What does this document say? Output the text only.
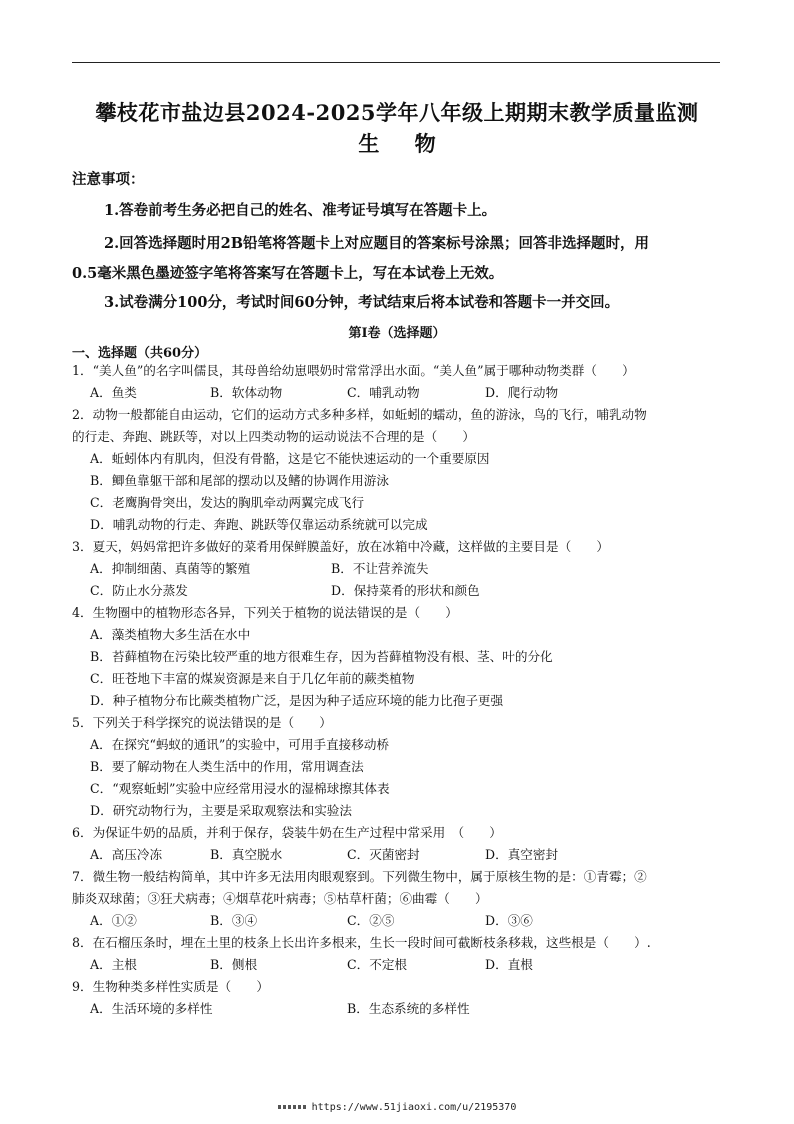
攀枝花市盐边县2024-2025学年八年级上期期末教学质量监测
生 物
注意事项：
1.答卷前考生务必把自己的姓名、准考证号填写在答题卡上。
2.回答选择题时用2B铅笔将答题卡上对应题目的答案标号涂黑；回答非选择题时，用
0.5毫米黑色墨迹签字笔将答案写在答题卡上，写在本试卷上无效。
3.试卷满分100分，考试时间60分钟，考试结束后将本试卷和答题卡一并交回。
第Ⅰ卷（选择题）
一、选择题（共60分）
1．“美人鱼”的名字叫儒艮，其母兽给幼崽喂奶时常常浮出水面。“美人鱼”属于哪种动物类群（　　）
A．鱼类	B．软体动物	C．哺乳动物	D．爬行动物
2．动物一般都能自由运动，它们的运动方式多种多样，如蚯蚓的蠕动，鱼的游泳，鸟的飞行，哺乳动物
的行走、奔跑、跳跃等，对以上四类动物的运动说法不合理的是（　　）
A．蚯蚓体内有肌肉，但没有骨骼，这是它不能快速运动的一个重要原因
B．鲫鱼靠躯干部和尾部的摆动以及鳍的协调作用游泳
C．老鹰胸骨突出，发达的胸肌牵动两翼完成飞行
D．哺乳动物的行走、奔跑、跳跃等仅靠运动系统就可以完成
3．夏天，妈妈常把许多做好的菜肴用保鲜膜盖好，放在冰箱中冷藏，这样做的主要目是（　　）
A．抑制细菌、真菌等的繁殖	B．不让营养流失
C．防止水分蒸发	D．保持菜肴的形状和颜色
4．生物圈中的植物形态各异，下列关于植物的说法错误的是（　　）
A．藻类植物大多生活在水中
B．苔藓植物在污染比较严重的地方很难生存，因为苔藓植物没有根、茎、叶的分化
C．旺苍地下丰富的煤炭资源是来自于几亿年前的蕨类植物
D．种子植物分布比蕨类植物广泛，是因为种子适应环境的能力比孢子更强
5．下列关于科学探究的说法错误的是（　　）
A．在探究“蚂蚁的通讯”的实验中，可用手直接移动桥
B．要了解动物在人类生活中的作用，常用调查法
C．“观察蚯蚓”实验中应经常用浸水的湿棉球擦其体表
D．研究动物行为，主要是采取观察法和实验法
6．为保证牛奶的品质，并利于保存，袋装牛奶在生产过程中常采用　（　　）
A．高压冷冻	B．真空脱水	C．灭菌密封	D．真空密封
7．微生物一般结构简单，其中许多无法用肉眼观察到。下列微生物中，属于原核生物的是：①青霉；②
肺炎双球菌；③狂犬病毒；④烟草花叶病毒；⑤枯草杆菌；⑥曲霉（　　）
A．①②	B．③④	C．②⑤	D．③⑥
8．在石榴压条时，埋在土里的枝条上长出许多根来，生长一段时间可截断枝条移栽，这些根是（　　）.
A．主根	B．侧根	C．不定根	D．直根
9．生物种类多样性实质是（　　）
A．生活环境的多样性	B．生态系统的多样性
https://www.51jiaoxi.com/u/2195370
